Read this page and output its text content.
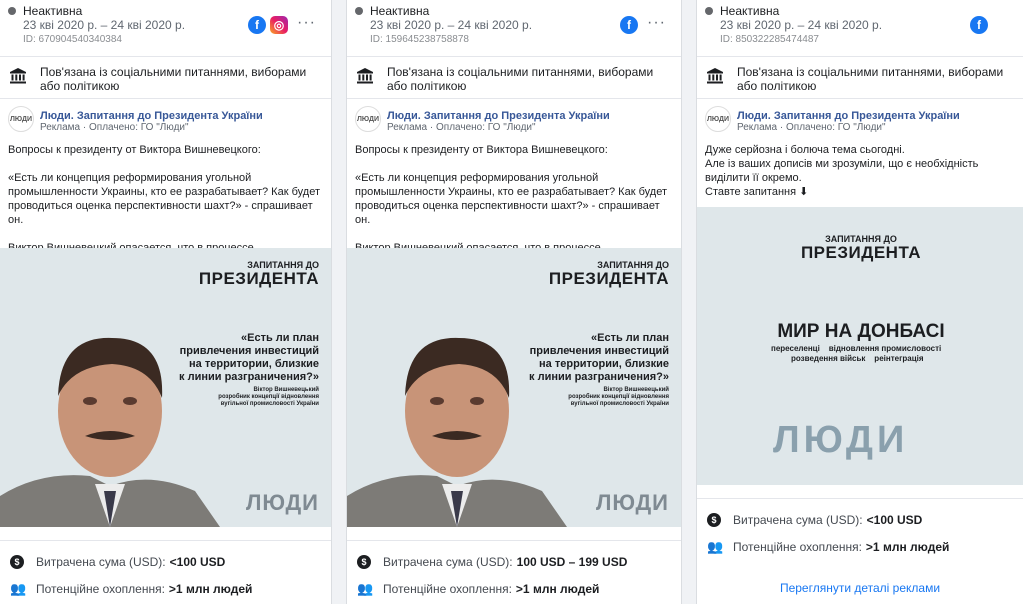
Неактивна
23 кві 2020 р. – 24 кві 2020 р.
ID: 670904540340384
f	◎ ···
Пов'язана із соціальними питаннями, виборами або політикою
ЛЮДИ Люди. Запитання до Президента України
Реклама · Оплачено: ГО "Люди"
Вопросы к президенту от Виктора Вишневецкого:

«Есть ли концепция реформирования угольной промышленности Украины, кто ее разрабатывает? Как будет проводиться оценка перспективности шахт?» - спрашивает он.

ЗАПИТАННЯ ДО
ПРЕЗИДЕНТА
«Есть ли план
привлечения инвестиций
на территории, близкие
к линии разграничения?»
Віктор Вишневецький
розробник концепції відновлення
вугільної промисловості України
ЛЮДИ
$	Витрачена сума (USD): <100 USD
👥 Потенційне охоплення: >1 млн людей
Неактивна
23 кві 2020 р. – 24 кві 2020 р.
ID: 159645238758878
f	···
Пов'язана із соціальними питаннями, виборами або політикою
ЛЮДИ Люди. Запитання до Президента України
Реклама · Оплачено: ГО "Люди"
Вопросы к президенту от Виктора Вишневецкого:

«Есть ли концепция реформирования угольной промышленности Украины, кто ее разрабатывает? Как будет проводиться оценка перспективности шахт?» - спрашивает он.

ЗАПИТАННЯ ДО
ПРЕЗИДЕНТА
«Есть ли план
привлечения инвестиций
на территории, близкие
к линии разграничения?»
Віктор Вишневецький
розробник концепції відновлення
вугільної промисловості України
ЛЮДИ
$	Витрачена сума (USD): 100 USD – 199 USD
👥 Потенційне охоплення: >1 млн людей
Неактивна
23 кві 2020 р. – 24 кві 2020 р.
ID: 850322285474487
f
Пов'язана із соціальними питаннями, виборами або політикою
ЛЮДИ Люди. Запитання до Президента України
Реклама · Оплачено: ГО "Люди"
Дуже серйозна і болюча тема сьогодні.
Але із ваших дописів ми зрозуміли, що є необхідність виділити її окремо.
Ставте запитання ⬇
ЗАПИТАННЯ ДО
ПРЕЗИДЕНТА
МИР НА ДОНБАСІ
переселенці    відновлення промисловості
розведення військ    реінтеграція
ЛЮДИ
$	Витрачена сума (USD): <100 USD
👥 Потенційне охоплення: >1 млн людей
Переглянути деталі реклами
